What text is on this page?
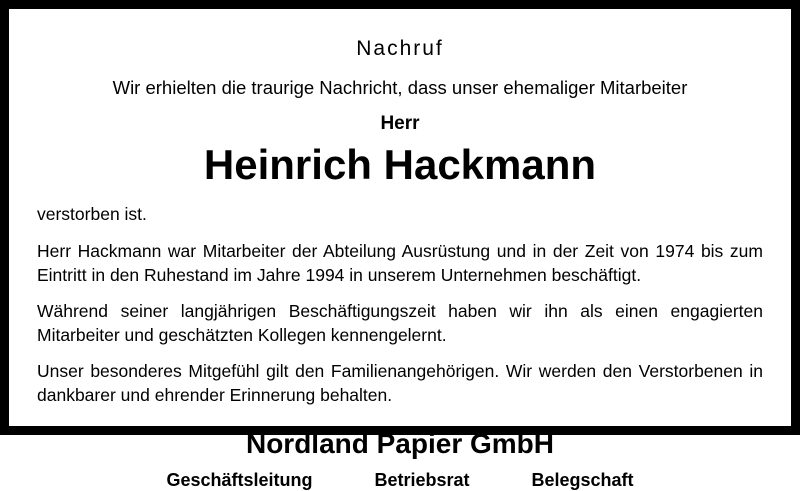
Nachruf
Wir erhielten die traurige Nachricht, dass unser ehemaliger Mitarbeiter
Herr
Heinrich Hackmann

verstorben ist.

Herr Hackmann war Mitarbeiter der Abteilung Ausrüstung und in der Zeit von 1974 bis zum Eintritt in den Ruhestand im Jahre 1994 in unserem Unternehmen beschäftigt.

Während seiner langjährigen Beschäftigungszeit haben wir ihn als einen engagierten Mitarbeiter und geschätzten Kollegen kennengelernt.

Unser besonderes Mitgefühl gilt den Familienangehörigen. Wir werden den Verstorbenen in dankbarer und ehrender Erinnerung behalten.

Nordland Papier GmbH
Geschäftsleitung	Betriebsrat	Belegschaft
